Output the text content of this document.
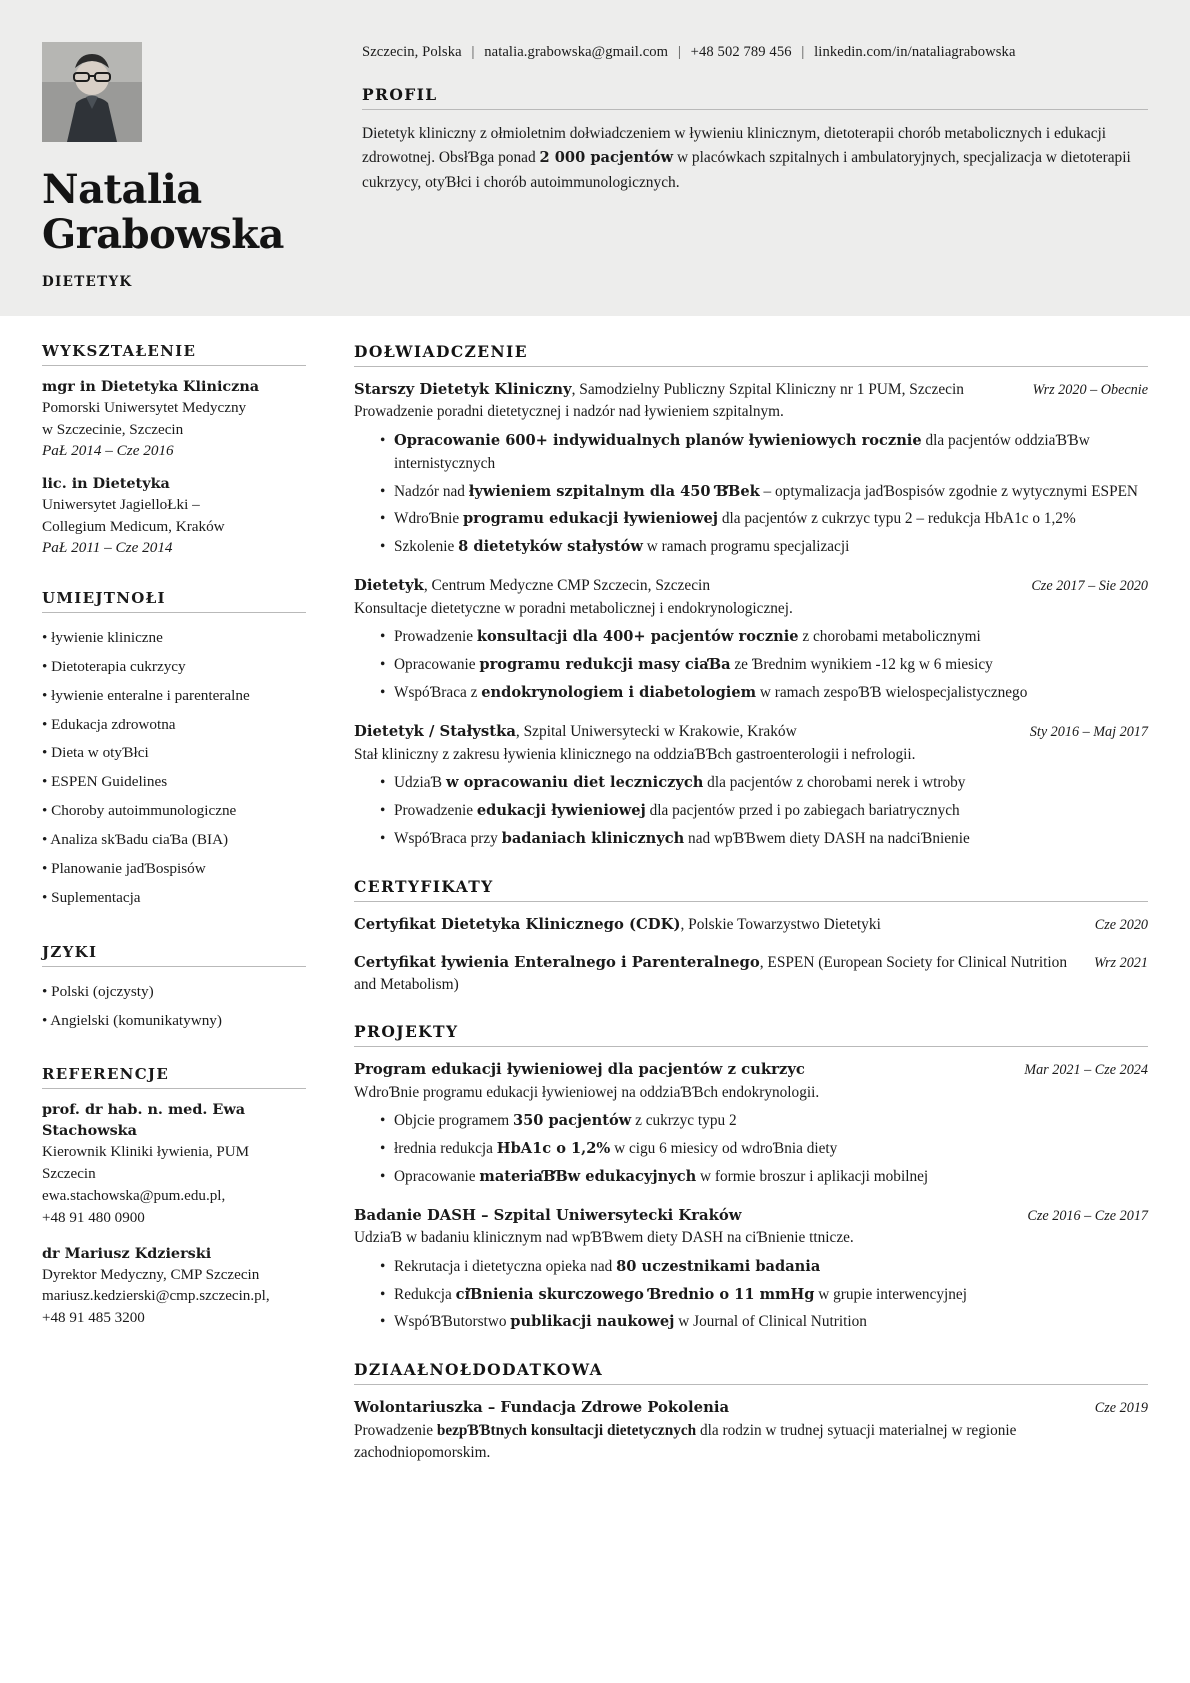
Natalia
Grabowska
DIETETYK
Szczecin, Polska | natalia.grabowska@gmail.com | +48 502 789 456 | linkedin.com/in/nataliagrabowska
PROFIL
Dietetyk kliniczny z ołmioletnim dołwiadczeniem w ływieniu klinicznym, dietoterapii chorób metabolicznych i edukacji zdrowotnej. ObsłƁga ponad 2 000 pacjentów w placówkach szpitalnych i ambulatoryjnych, specjalizacja w dietoterapii cukrzycy, otyƁłci i chorób autoimmunologicznych.
WYKSZTAŁENIE
mgr in Dietetyka Kliniczna
Pomorski Uniwersytet Medyczny
w Szczecinie, Szczecin
PaŁ 2014 – Cze 2016
lic. in Dietetyka
Uniwersytet JagielloŁki –
Collegium Medicum, Kraków
PaŁ 2011 – Cze 2014
UMIEJTNOŁI
• ływienie kliniczne
• Dietoterapia cukrzycy
• ływienie enteralne i parenteralne
• Edukacja zdrowotna
• Dieta w otyƁłci
• ESPEN Guidelines
• Choroby autoimmunologiczne
• Analiza skƁadu ciaƁa (BIA)
• Planowanie jadƁospisów
• Suplementacja
JZYKI
• Polski (ojczysty)
• Angielski (komunikatywny)
REFERENCJE
prof. dr hab. n. med. Ewa
Stachowska
Kierownik Kliniki ływienia, PUM
Szczecin
ewa.stachowska@pum.edu.pl,
+48 91 480 0900
dr Mariusz Kdzierski
Dyrektor Medyczny, CMP Szczecin
mariusz.kedzierski@cmp.szczecin.pl,
+48 91 485 3200
DOŁWIADCZENIE
Starszy Dietetyk Kliniczny, Samodzielny Publiczny Szpital Kliniczny nr 1 PUM, Szczecin	Wrz 2020 – Obecnie
Prowadzenie poradni dietetycznej i nadzór nad ływieniem szpitalnym.
• Opracowanie 600+ indywidualnych planów ływieniowych rocznie dla pacjentów oddziaƁƁw internistycznych
• Nadzór nad ływieniem szpitalnym dla 450 ƁƁek – optymalizacja jadƁospisów zgodnie z wytycznymi ESPEN
• WdroƁnie programu edukacji ływieniowej dla pacjentów z cukrzyc typu 2 – redukcja HbA1c o 1,2%
• Szkolenie 8 dietetyków stałystów w ramach programu specjalizacji
Dietetyk, Centrum Medyczne CMP Szczecin, Szczecin	Cze 2017 – Sie 2020
Konsultacje dietetyczne w poradni metabolicznej i endokrynologicznej.
• Prowadzenie konsultacji dla 400+ pacjentów rocznie z chorobami metabolicznymi
• Opracowanie programu redukcji masy ciaƁa ze Ɓrednim wynikiem -12 kg w 6 miesicy
• WspóƁraca z endokrynologiem i diabetologiem w ramach zespoƁƁ wielospecjalistycznego
Dietetyk / Stałystka, Szpital Uniwersytecki w Krakowie, Kraków	Sty 2016 – Maj 2017
Stał kliniczny z zakresu ływienia klinicznego na oddziaƁƁch gastroenterologii i nefrologii.
• UdziaƁ w opracowaniu diet leczniczych dla pacjentów z chorobami nerek i wtroby
• Prowadzenie edukacji ływieniowej dla pacjentów przed i po zabiegach bariatrycznych
• WspóƁraca przy badaniach klinicznych nad wpƁƁwem diety DASH na nadciƁnienie
CERTYFIKATY
Certyfikat Dietetyka Klinicznego (CDK), Polskie Towarzystwo Dietetyki	Cze 2020
Certyfikat ływienia Enteralnego i Parenteralnego, ESPEN (European Society for Clinical Nutrition and Metabolism)
Wrz 2021
PROJEKTY
Program edukacji ływieniowej dla pacjentów z cukrzyc	Mar 2021 – Cze 2024
WdroƁnie programu edukacji ływieniowej na oddziaƁƁch endokrynologii.
• Objcie programem 350 pacjentów z cukrzyc typu 2
• łrednia redukcja HbA1c o 1,2% w cigu 6 miesicy od wdroƁnia diety
• Opracowanie materiaƁƁw edukacyjnych w formie broszur i aplikacji mobilnej
Badanie DASH – Szpital Uniwersytecki Kraków	Cze 2016 – Cze 2017
UdziaƁ w badaniu klinicznym nad wpƁƁwem diety DASH na ciƁnienie ttnicze.
• Rekrutacja i dietetyczna opieka nad 80 uczestnikami badania
• Redukcja ciƁnienia skurczowego Ɓrednio o 11 mmHg w grupie interwencyjnej
• WspóƁƁutorstwo publikacji naukowej w Journal of Clinical Nutrition
DZIAAŁNOŁDODATKOWA
Wolontariuszka – Fundacja Zdrowe Pokolenia	Cze 2019
Prowadzenie bezpƁƁtnych konsultacji dietetycznych dla rodzin w trudnej sytuacji materialnej w regionie zachodniopomorskim.
